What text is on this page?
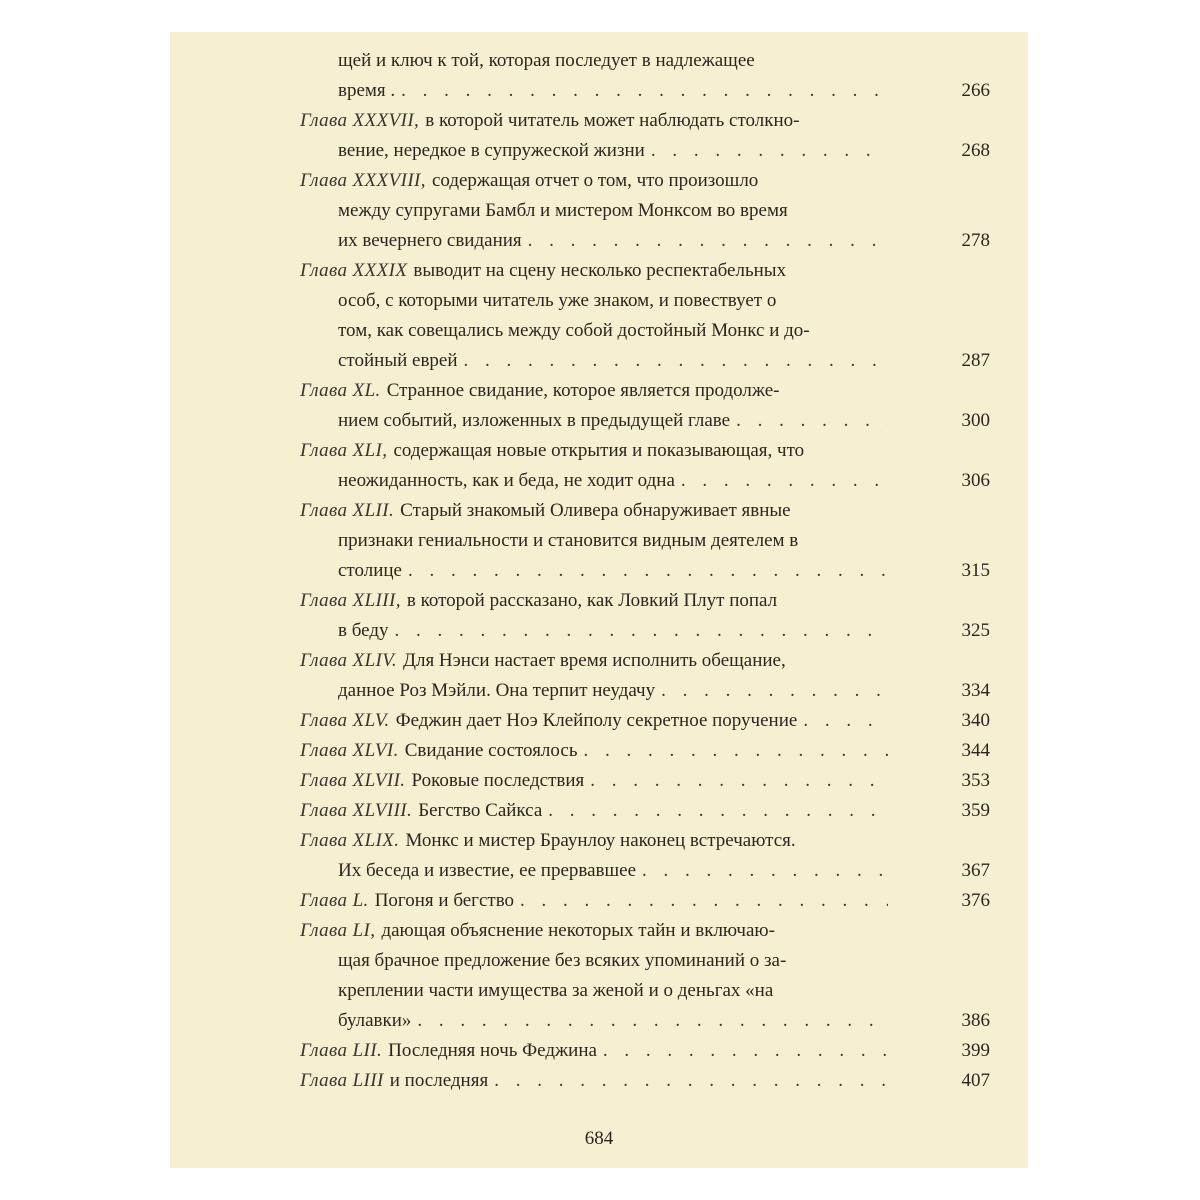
щей и ключ к той, которая последует в надлежащее
время . . . .	266
Глава XXXVII, в которой читатель может наблюдать столкно-
вение, нередкое в супружеской жизни . . .	268
Глава XXXVIII, содержащая отчет о том, что произошло
между супругами Бамбл и мистером Монксом во время
их вечернего свидания . . .	278
Глава XXXIX выводит на сцену несколько респектабельных
особ, с которыми читатель уже знаком, и повествует о
том, как совещались между собой достойный Монкс и до-
стойный еврей . . .	287
Глава XL. Странное свидание, которое является продолже-
нием событий, изложенных в предыдущей главе . . .	300
Глава XLI, содержащая новые открытия и показывающая, что
неожиданность, как и беда, не ходит одна . . .	306
Глава XLII. Старый знакомый Оливера обнаруживает явные
признаки гениальности и становится видным деятелем в
столице . . .	315
Глава XLIII, в которой рассказано, как Ловкий Плут попал
в беду . . .	325
Глава XLIV. Для Нэнси настает время исполнить обещание,
данное Роз Мэйли. Она терпит неудачу . . .	334
Глава XLV. Феджин дает Ноэ Клейполу секретное поручение . . .	340
Глава XLVI. Свидание состоялось . . .	344
Глава XLVII. Роковые последствия . . .	353
Глава XLVIII. Бегство Сайкса . . .	359
Глава XLIX. Монкс и мистер Браунлоу наконец встречаются.
Их беседа и известие, ее прервавшее . . .	367
Глава L. Погоня и бегство . . .	376
Глава LI, дающая объяснение некоторых тайн и включаю-
щая брачное предложение без всяких упоминаний о за-
креплении части имущества за женой и о деньгах «на
булавки» . . .	386
Глава LII. Последняя ночь Феджина . . .	399
Глава LIII и последняя . . .	407
684
